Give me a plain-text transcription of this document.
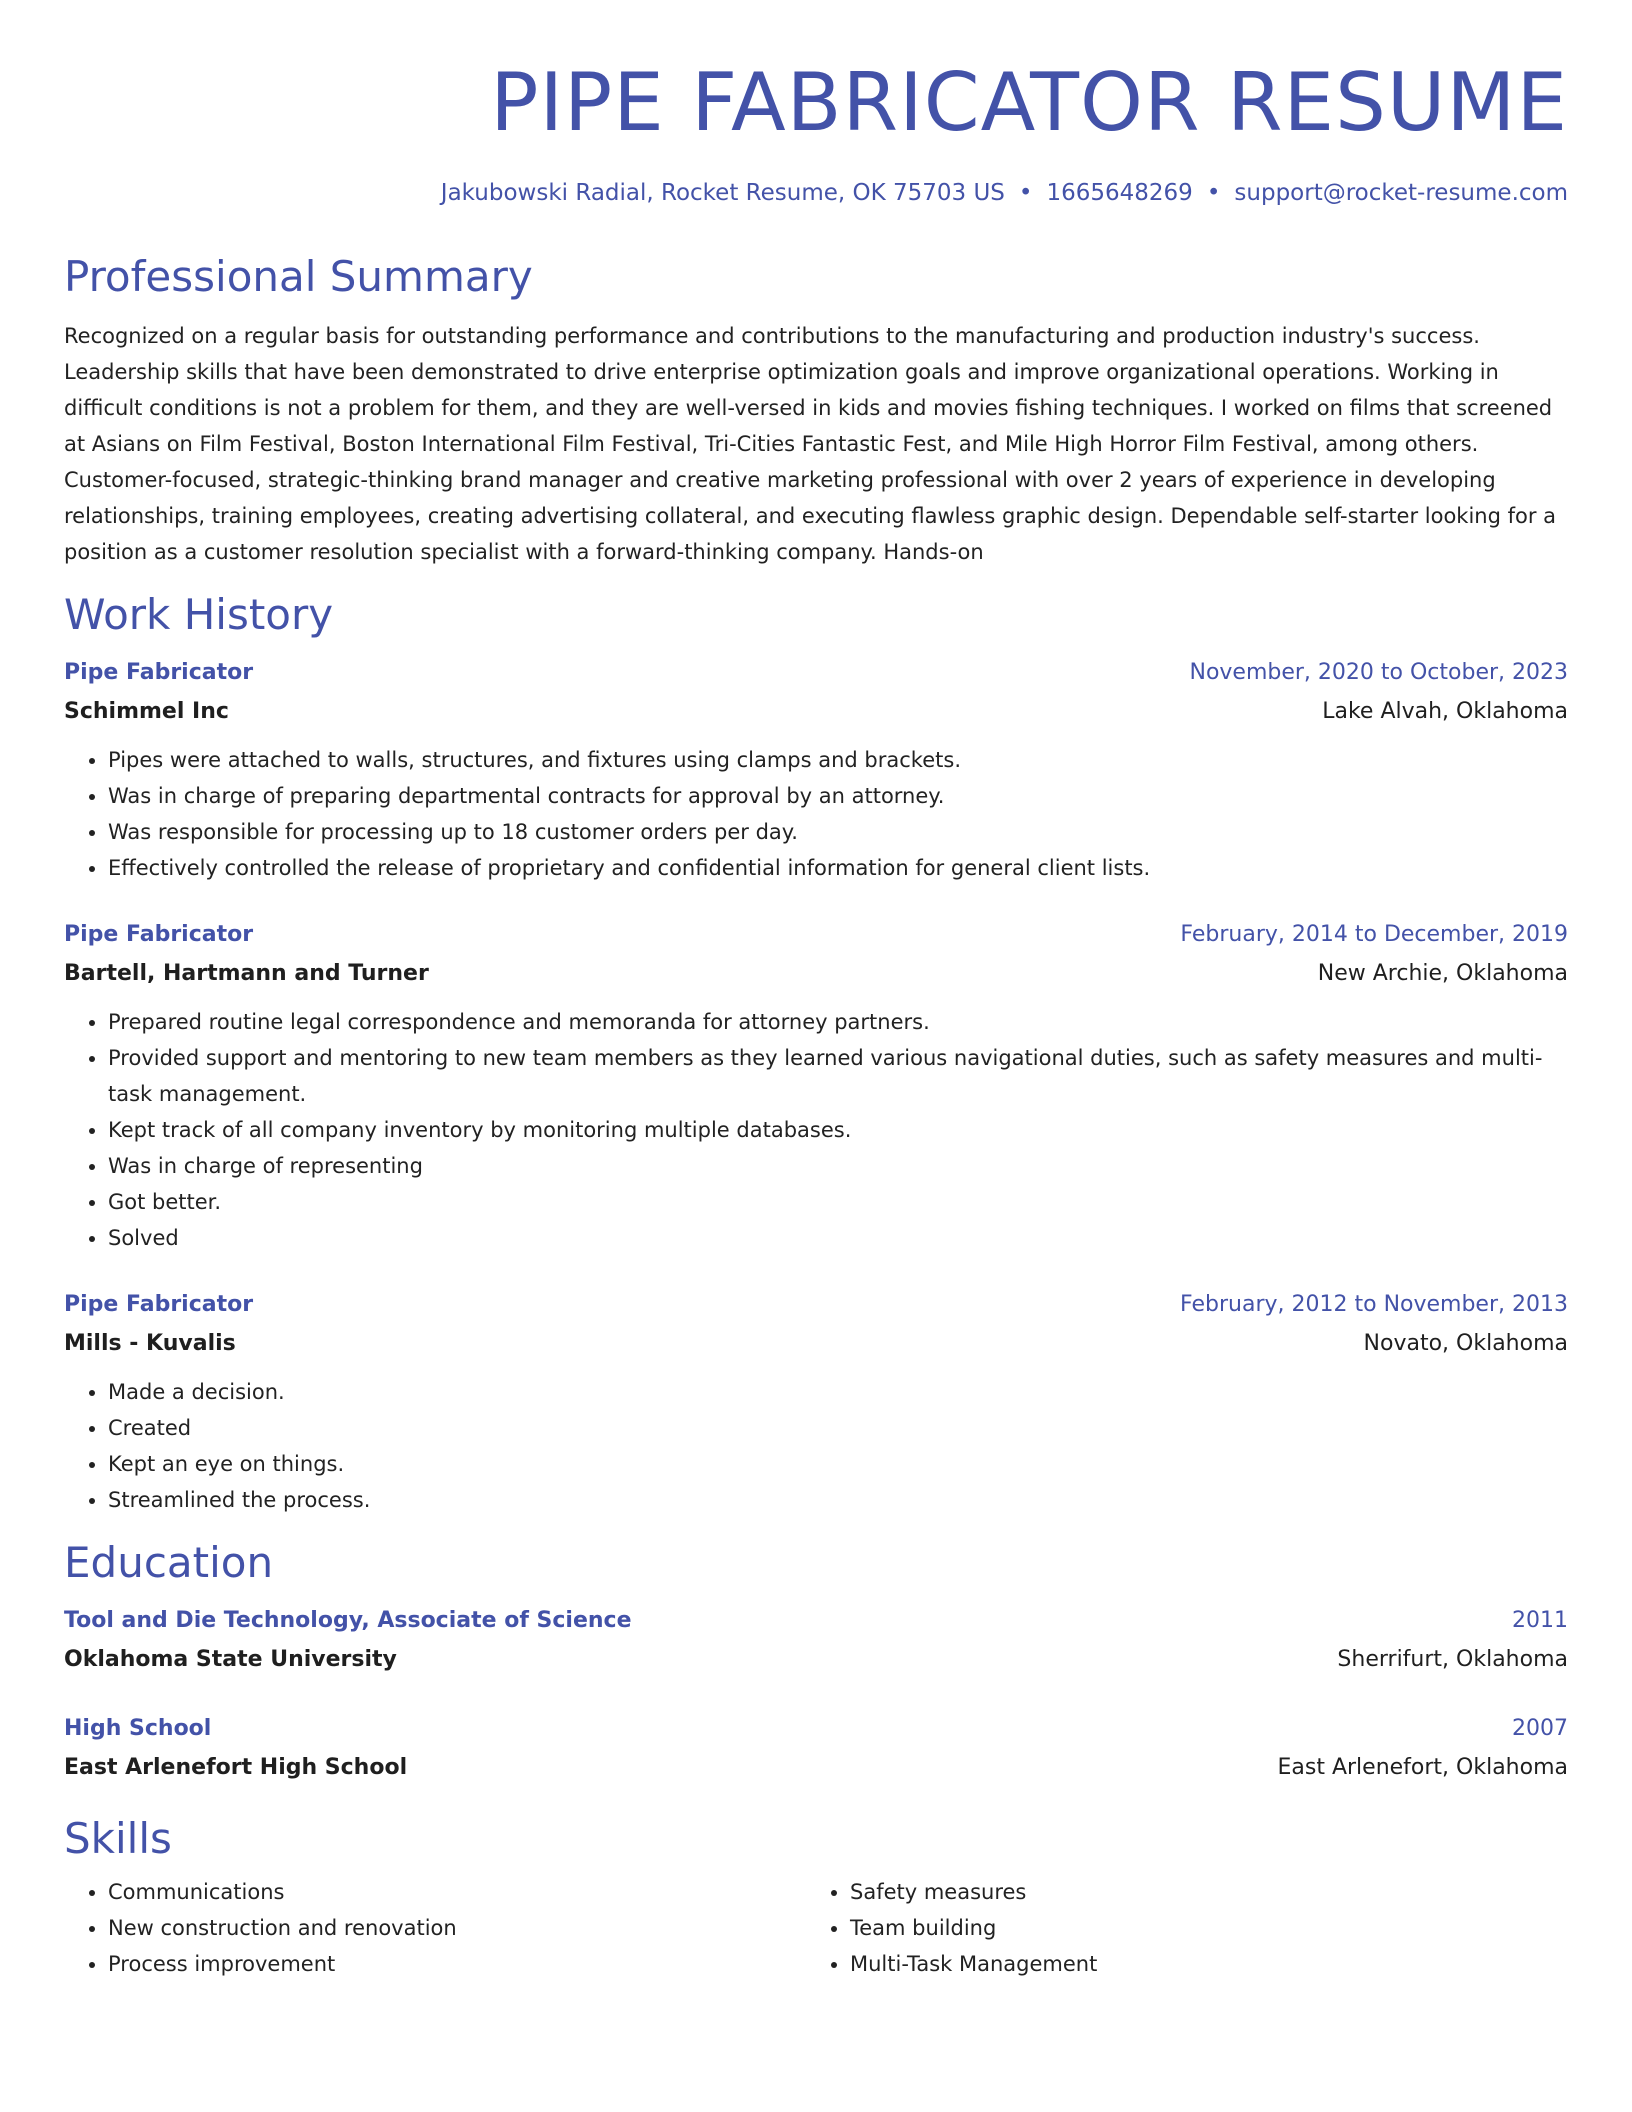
PIPE FABRICATOR RESUME
Jakubowski Radial, Rocket Resume, OK 75703 US • 1665648269 • support@rocket-resume.com
Professional Summary

Recognized on a regular basis for outstanding performance and contributions to the manufacturing and production industry's success. Leadership skills that have been demonstrated to drive enterprise optimization goals and improve organizational operations. Working in difficult conditions is not a problem for them, and they are well-versed in kids and movies fishing techniques. I worked on films that screened at Asians on Film Festival, Boston International Film Festival, Tri-Cities Fantastic Fest, and Mile High Horror Film Festival, among others. Customer-focused, strategic-thinking brand manager and creative marketing professional with over 2 years of experience in developing relationships, training employees, creating advertising collateral, and executing flawless graphic design. Dependable self-starter looking for a position as a customer resolution specialist with a forward-thinking company. Hands-on

Work History
Pipe Fabricator	November, 2020 to October, 2023
Schimmel Inc	Lake Alvah, Oklahoma
• Pipes were attached to walls, structures, and fixtures using clamps and brackets.
• Was in charge of preparing departmental contracts for approval by an attorney.
• Was responsible for processing up to 18 customer orders per day.
• Effectively controlled the release of proprietary and confidential information for general client lists.
Pipe Fabricator	February, 2014 to December, 2019
Bartell, Hartmann and Turner	New Archie, Oklahoma
• Prepared routine legal correspondence and memoranda for attorney partners.
• Provided support and mentoring to new team members as they learned various navigational duties, such as safety measures and multi-task management.
• Kept track of all company inventory by monitoring multiple databases.
• Was in charge of representing
• Got better.
• Solved
Pipe Fabricator	February, 2012 to November, 2013
Mills - Kuvalis	Novato, Oklahoma
• Made a decision.
• Created
• Kept an eye on things.
• Streamlined the process.
Education
Tool and Die Technology, Associate of Science	2011
Oklahoma State University	Sherrifurt, Oklahoma
High School	2007
East Arlenefort High School	East Arlenefort, Oklahoma
Skills
• Communications
• New construction and renovation
• Process improvement
• Safety measures
• Team building
• Multi-Task Management
